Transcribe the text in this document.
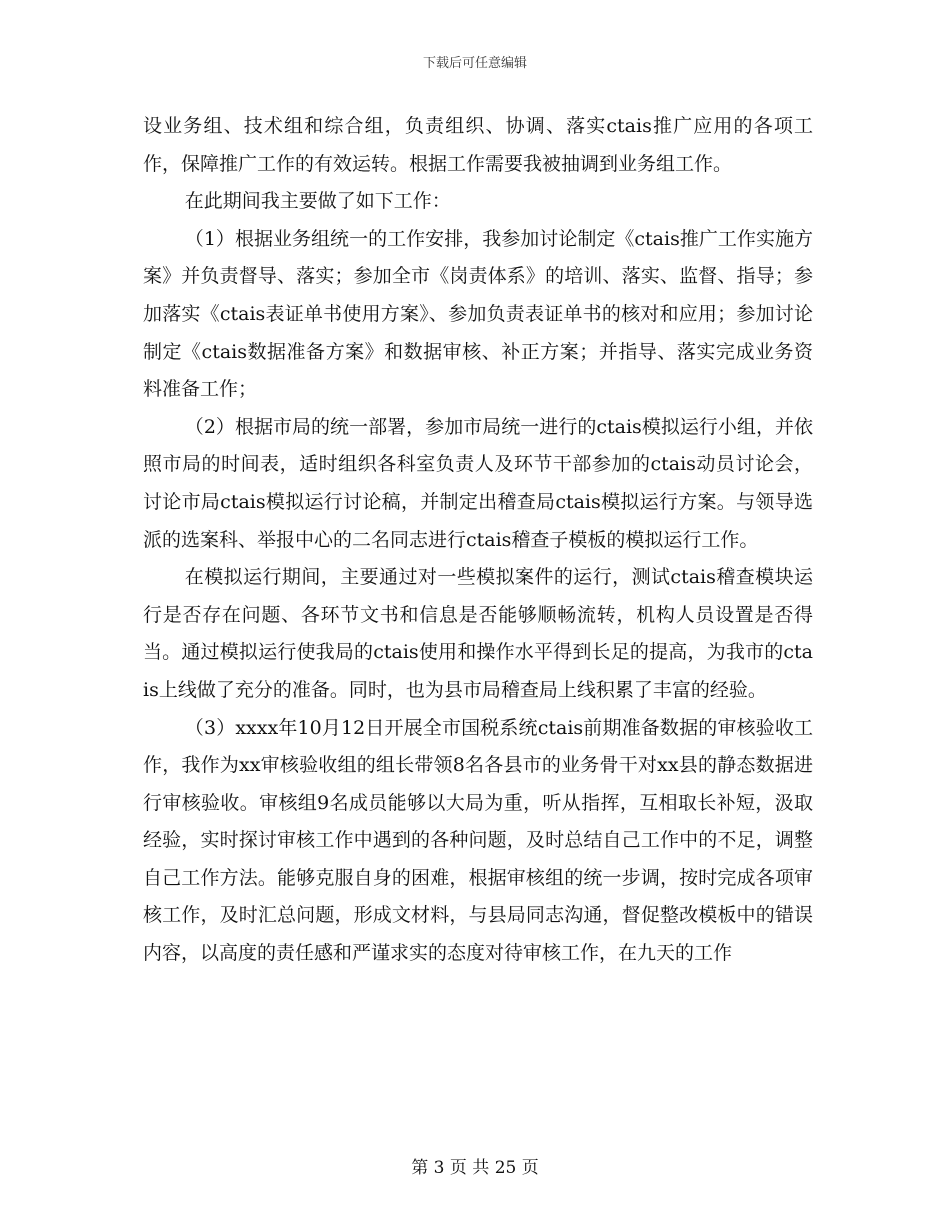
下载后可任意编辑

设业务组、技术组和综合组，负责组织、协调、落实ctais推广应用的各项工作，保障推广工作的有效运转。根据工作需要我被抽调到业务组工作。

在此期间我主要做了如下工作：

（1）根据业务组统一的工作安排，我参加讨论制定《ctais推广工作实施方案》并负责督导、落实；参加全市《岗责体系》的培训、落实、监督、指导；参加落实《ctais表证单书使用方案》、参加负责表证单书的核对和应用；参加讨论制定《ctais数据准备方案》和数据审核、补正方案；并指导、落实完成业务资料准备工作；

（2）根据市局的统一部署，参加市局统一进行的ctais模拟运行小组，并依照市局的时间表，适时组织各科室负责人及环节干部参加的ctais动员讨论会，讨论市局ctais模拟运行讨论稿，并制定出稽查局ctais模拟运行方案。与领导选派的选案科、举报中心的二名同志进行ctais稽查子模板的模拟运行工作。

在模拟运行期间，主要通过对一些模拟案件的运行，测试ctais稽查模块运行是否存在问题、各环节文书和信息是否能够顺畅流转，机构人员设置是否得当。通过模拟运行使我局的ctais使用和操作水平得到长足的提高，为我市的ctais上线做了充分的准备。同时，也为县市局稽查局上线积累了丰富的经验。

（3）xxxx年10月12日开展全市国税系统ctais前期准备数据的审核验收工作，我作为xx审核验收组的组长带领8名各县市的业务骨干对xx县的静态数据进行审核验收。审核组9名成员能够以大局为重，听从指挥，互相取长补短，汲取经验，实时探讨审核工作中遇到的各种问题，及时总结自己工作中的不足，调整自己工作方法。能够克服自身的困难，根据审核组的统一步调，按时完成各项审核工作，及时汇总问题，形成文材料，与县局同志沟通，督促整改模板中的错误内容，以高度的责任感和严谨求实的态度对待审核工作，在九天的工作

第 3 页 共 25 页
